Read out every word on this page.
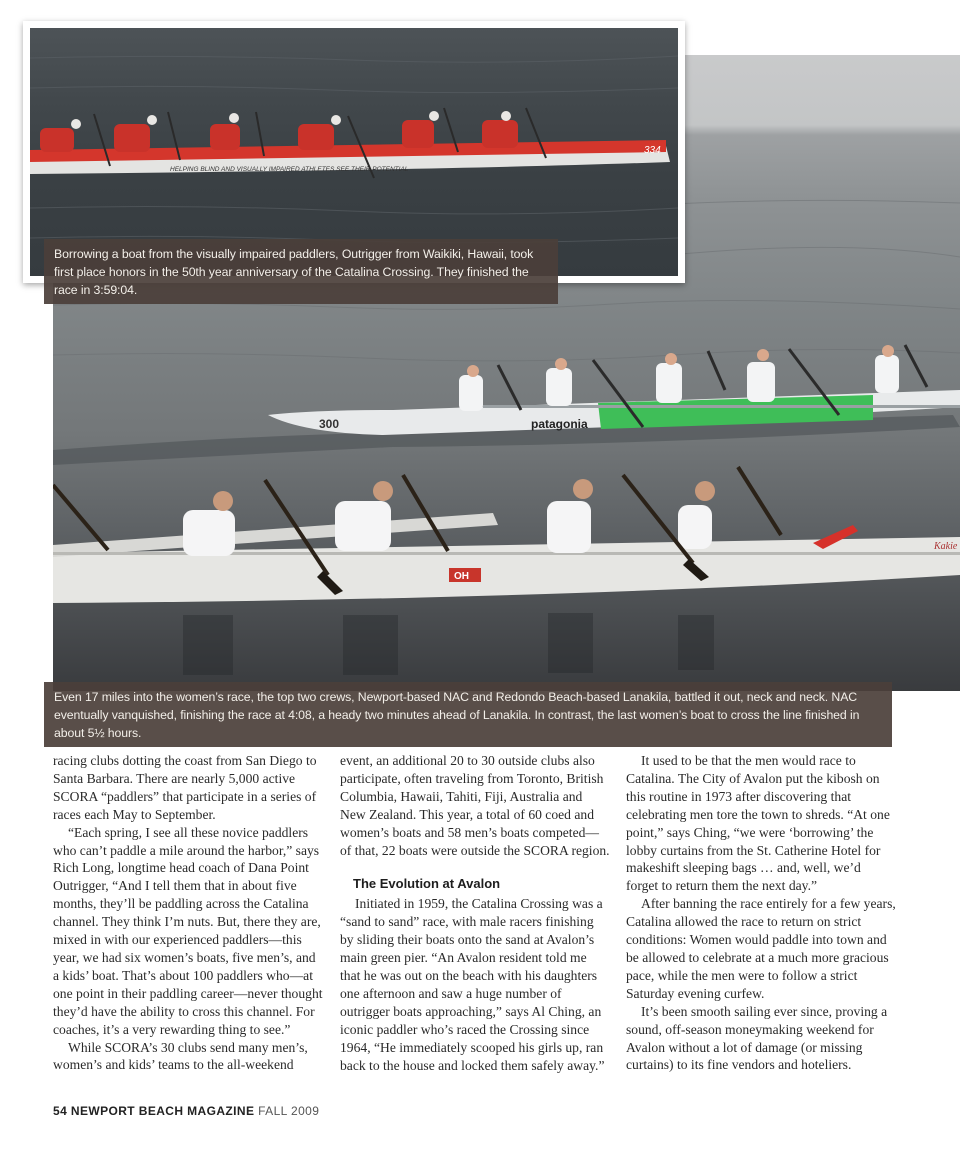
300	patagonia
OH
Kakie
HELPING BLIND AND VISUALLY IMPAIRED ATHLETES SEE THEIR POTENTIAL
334
Borrowing a boat from the visually impaired paddlers, Outrigger from Waikiki, Hawaii, took first place honors in the 50th year anniversary of the Catalina Crossing. They finished the race in 3:59:04.
Even 17 miles into the women’s race, the top two crews, Newport-based NAC and Redondo Beach-based Lanakila, battled it out, neck and neck. NAC eventually vanquished, finishing the race at 4:08, a heady two minutes ahead of Lanakila. In contrast, the last women’s boat to cross the line finished in about 5½ hours.

racing clubs dotting the coast from San Diego to Santa Barbara. There are nearly 5,000 active SCORA “paddlers” that participate in a series of races each May to September.

“Each spring, I see all these novice paddlers who can’t paddle a mile around the harbor,” says Rich Long, longtime head coach of Dana Point Outrigger, “And I tell them that in about five months, they’ll be paddling across the Catalina channel. They think I’m nuts. But, there they are, mixed in with our experienced paddlers—this year, we had six women’s boats, five men’s, and a kids’ boat. That’s about 100 paddlers who—at one point in their paddling career—never thought they’d have the ability to cross this channel. For coaches, it’s a very rewarding thing to see.”

While SCORA’s 30 clubs send many men’s, women’s and kids’ teams to the all-weekend

event, an additional 20 to 30 outside clubs also participate, often traveling from Toronto, British Columbia, Hawaii, Tahiti, Fiji, Australia and New Zealand. This year, a total of 60 coed and women’s boats and 58 men’s boats competed—of that, 22 boats were outside the SCORA region.

The Evolution at Avalon

Initiated in 1959, the Catalina Crossing was a “sand to sand” race, with male racers finishing by sliding their boats onto the sand at Avalon’s main green pier. “An Avalon resident told me that he was out on the beach with his daughters one afternoon and saw a huge number of outrigger boats approaching,” says Al Ching, an iconic paddler who’s raced the Crossing since 1964, “He immediately scooped his girls up, ran back to the house and locked them safely away.”

It used to be that the men would race to Catalina. The City of Avalon put the kibosh on this routine in 1973 after discovering that celebrating men tore the town to shreds. “At one point,” says Ching, “we were ‘borrowing’ the lobby curtains from the St. Catherine Hotel for makeshift sleeping bags … and, well, we’d forget to return them the next day.”

After banning the race entirely for a few years, Catalina allowed the race to return on strict conditions: Women would paddle into town and be allowed to celebrate at a much more gracious pace, while the men were to follow a strict Saturday evening curfew.

It’s been smooth sailing ever since, proving a sound, off-season moneymaking weekend for Avalon without a lot of damage (or missing curtains) to its fine vendors and hoteliers.

54 NEWPORT BEACH MAGAZINE FALL 2009
